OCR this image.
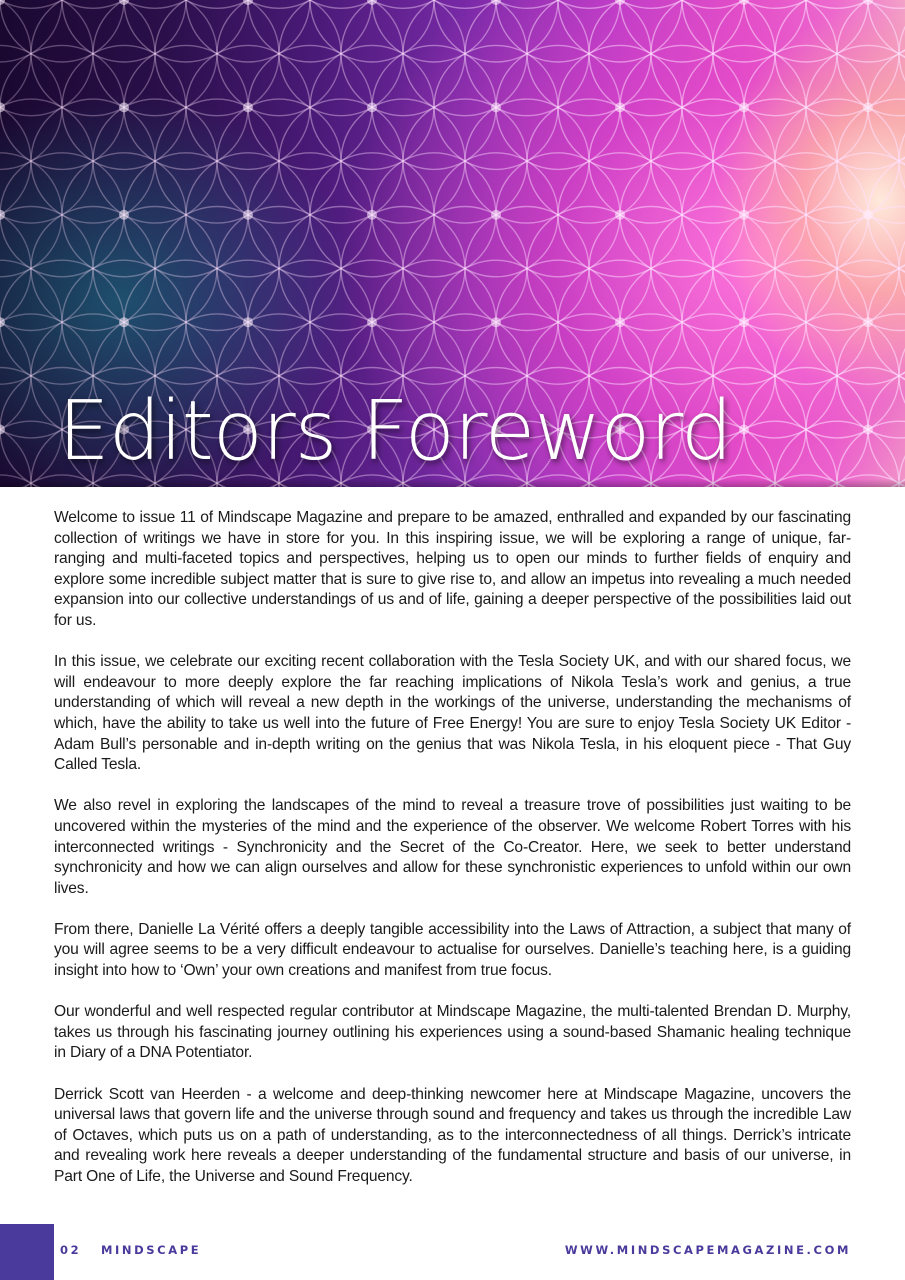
Editors Foreword

Welcome to issue 11 of Mindscape Magazine and prepare to be amazed, enthralled and expanded by our fascinating collection of writings we have in store for you. In this inspiring issue, we will be exploring a range of unique, far-ranging and multi-faceted topics and perspectives, helping us to open our minds to further fields of enquiry and explore some incredible subject matter that is sure to give rise to, and allow an impetus into revealing a much needed expansion into our collective understandings of us and of life, gaining a deeper perspective of the possibilities laid out for us.

In this issue, we celebrate our exciting recent collaboration with the Tesla Society UK, and with our shared focus, we will endeavour to more deeply explore the far reaching implications of Nikola Tesla’s work and genius, a true understanding of which will reveal a new depth in the workings of the universe, understanding the mechanisms of which, have the ability to take us well into the future of Free Energy! You are sure to enjoy Tesla Society UK Editor - Adam Bull’s personable and in-depth writing on the genius that was Nikola Tesla, in his eloquent piece - That Guy Called Tesla.

We also revel in exploring the landscapes of the mind to reveal a treasure trove of possibilities just waiting to be uncovered within the mysteries of the mind and the experience of the observer. We welcome Robert Torres with his interconnected writings - Synchronicity and the Secret of the Co-Creator. Here, we seek to better understand synchronicity and how we can align ourselves and allow for these synchronistic experiences to unfold within our own lives.

From there, Danielle La Vérité offers a deeply tangible accessibility into the Laws of Attraction, a subject that many of you will agree seems to be a very difficult endeavour to actualise for ourselves. Danielle’s teaching here, is a guiding insight into how to ‘Own’ your own creations and manifest from true focus.

Our wonderful and well respected regular contributor at Mindscape Magazine, the multi-talented Brendan D. Murphy, takes us through his fascinating journey outlining his experiences using a sound-based Shamanic healing technique in Diary of a DNA Potentiator.

Derrick Scott van Heerden - a welcome and deep-thinking newcomer here at Mindscape Magazine, uncovers the universal laws that govern life and the universe through sound and frequency and takes us through the incredible Law of Octaves, which puts us on a path of understanding, as to the interconnectedness of all things. Derrick’s intricate and revealing work here reveals a deeper understanding of the fundamental structure and basis of our universe, in Part One of Life, the Universe and Sound Frequency.

02 MINDSCAPE	WWW.MINDSCAPEMAGAZINE.COM
